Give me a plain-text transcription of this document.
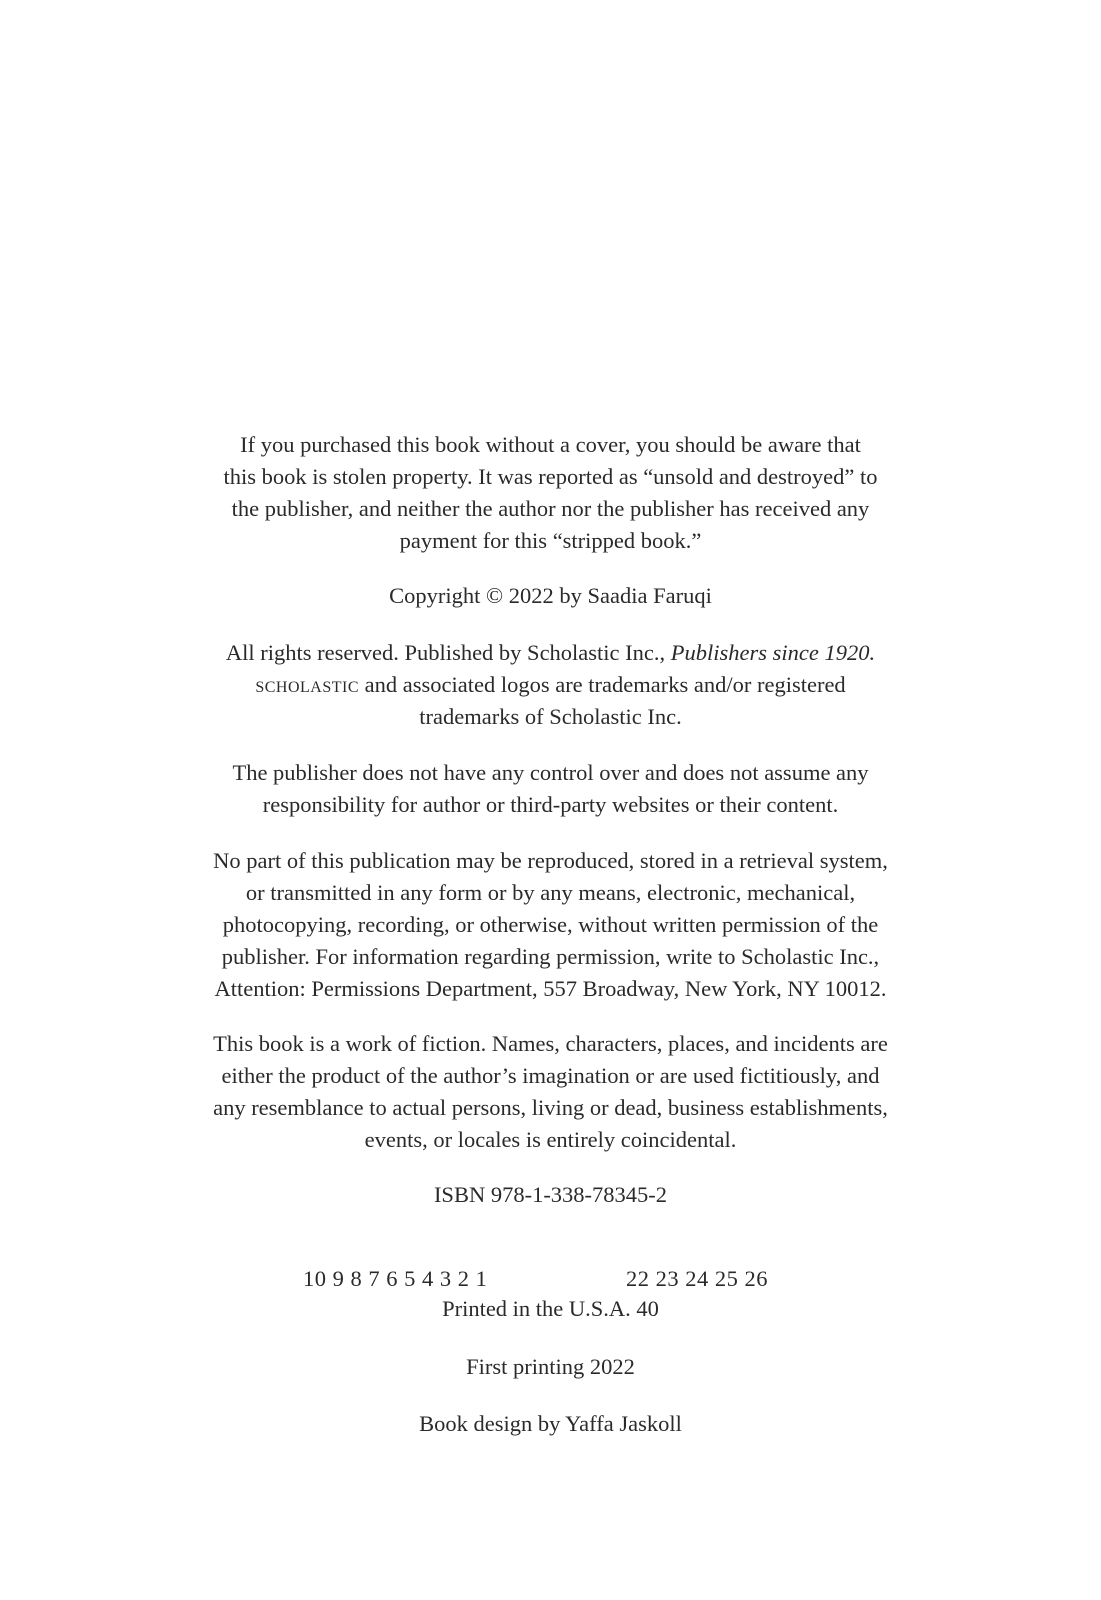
If you purchased this book without a cover, you should be aware that
this book is stolen property. It was reported as “unsold and destroyed” to
the publisher, and neither the author nor the publisher has received any
payment for this “stripped book.”
Copyright © 2022 by Saadia Faruqi
All rights reserved. Published by Scholastic Inc., Publishers since 1920.
scholastic and associated logos are trademarks and/or registered
trademarks of Scholastic Inc.
The publisher does not have any control over and does not assume any
responsibility for author or third-party websites or their content.
No part of this publication may be reproduced, stored in a retrieval system,
or transmitted in any form or by any means, electronic, mechanical,
photocopying, recording, or otherwise, without written permission of the
publisher. For information regarding permission, write to Scholastic Inc.,
Attention: Permissions Department, 557 Broadway, New York, NY 10012.
This book is a work of fiction. Names, characters, places, and incidents are
either the product of the author’s imagination or are used fictitiously, and
any resemblance to actual persons, living or dead, business establishments,
events, or locales is entirely coincidental.
ISBN 978-1-338-78345-2
10 9 8 7 6 5 4 3 2 1	22 23 24 25 26
Printed in the U.S.A. 40
First printing 2022
Book design by Yaffa Jaskoll
